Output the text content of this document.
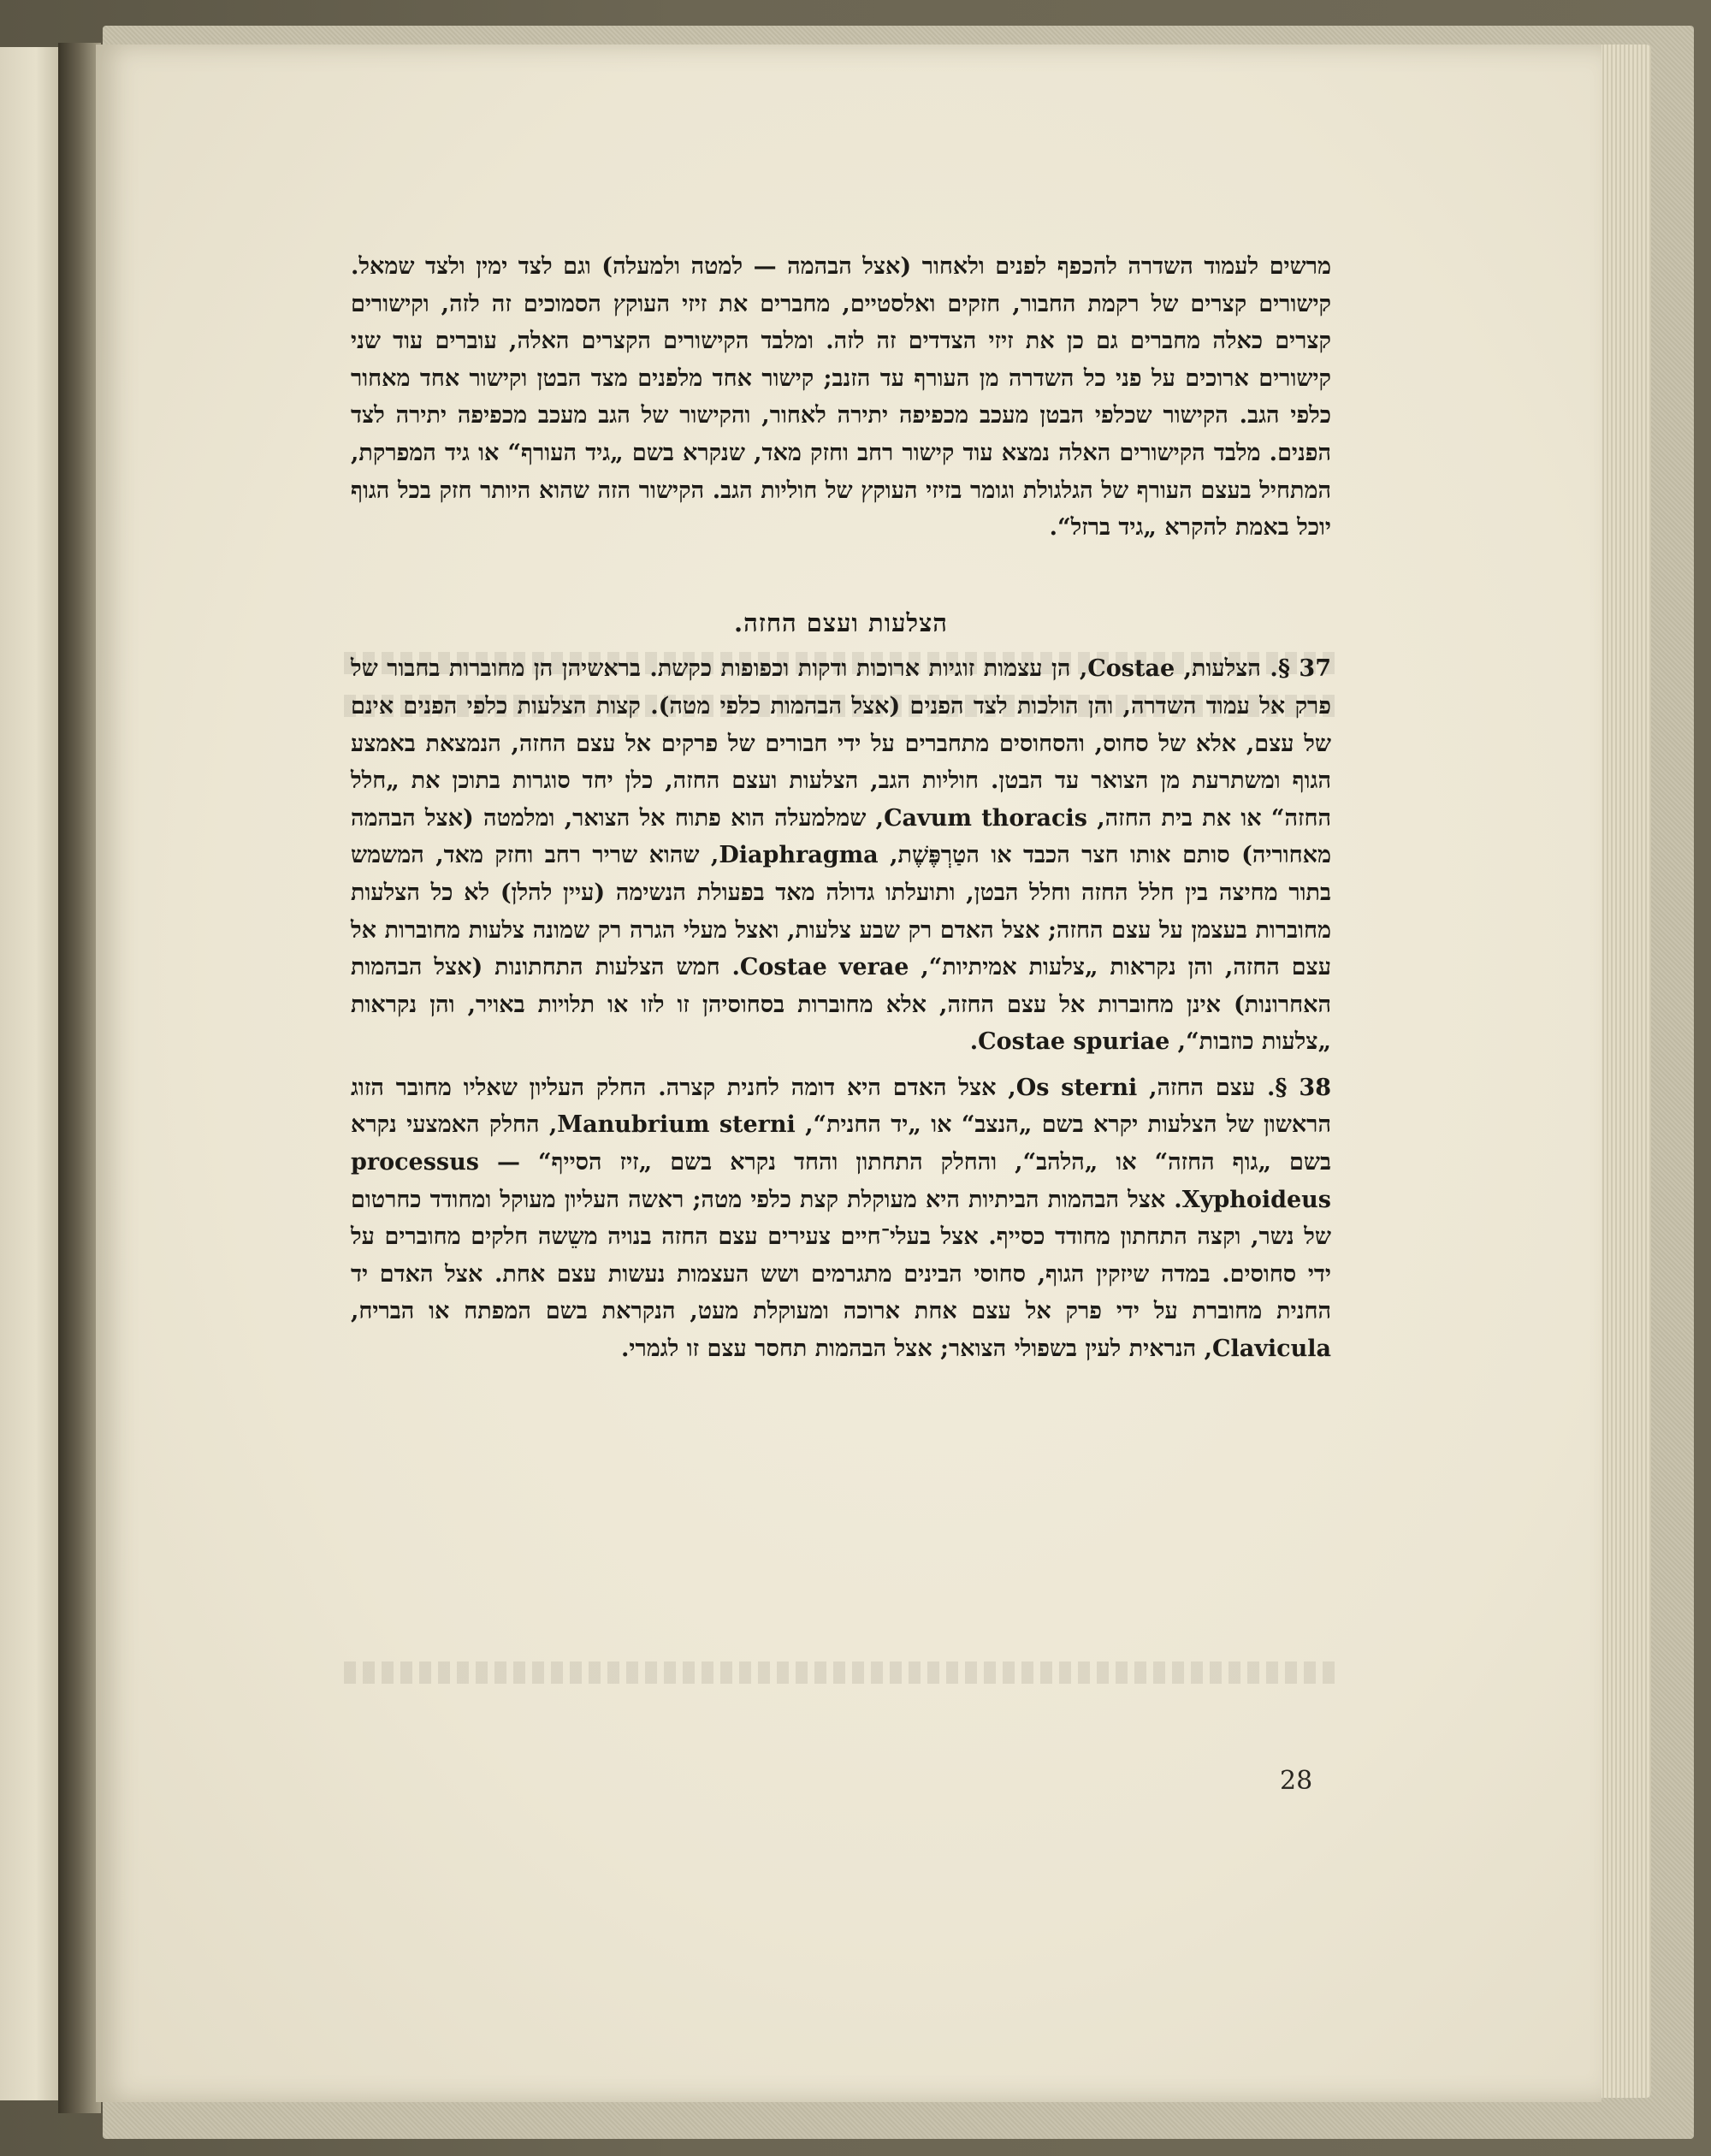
מרשים לעמוד השדרה להכפף לפנים ולאחור (אצל הבהמה — למטה ולמעלה) וגם לצד ימין ולצד שמאל. קישורים קצרים של רקמת החבור, חזקים ואלסטיים, מחברים את זיזי העוקץ הסמוכים זה לזה, וקישורים קצרים כאלה מחברים גם כן את זיזי הצדדים זה לזה. ומלבד הקישורים הקצרים האלה, עוברים עוד שני קישורים ארוכים על פני כל השדרה מן העורף עד הזנב; קישור אחד מלפנים מצד הבטן וקישור אחד מאחור כלפי הגב. הקישור שכלפי הבטן מעכב מכפיפה יתירה לאחור, והקישור של הגב מעכב מכפיפה יתירה לצד הפנים. מלבד הקישורים האלה נמצא עוד קישור רחב וחזק מאד, שנקרא בשם „גיד העורף“ או גיד המפרקת, המתחיל בעצם העורף של הגלגולת וגומר בזיזי העוקץ של חוליות הגב. הקישור הזה שהוא היותר חזק בכל הגוף יוכל באמת להקרא „גיד ברזל“.

הצלעות ועצם החזה.

37 §. הצלעות, Costae, הן עצמות זוגיות ארוכות ודקות וכפופות כקשת. בראשיהן הן מחוברות בחבור של פרק אל עמוד השדרה, והן הולכות לצד הפנים (אצל הבהמות כלפי מטה). קצות הצלעות כלפי הפנים אינם של עצם, אלא של סחוס, והסחוסים מתחברים על ידי חבורים של פרקים אל עצם החזה, הנמצאת באמצע הגוף ומשתרעת מן הצואר עד הבטן. חוליות הגב, הצלעות ועצם החזה, כלן יחד סוגרות בתוכן את „חלל החזה“ או את בית החזה, Cavum thoracis, שמלמעלה הוא פתוח אל הצואר, ומלמטה (אצל הבהמה מאחוריה) סותם אותו חצר הכבד או הטַרְפֶּשֶׁת, Diaphragma, שהוא שריר רחב וחזק מאד, המשמש בתור מחיצה בין חלל החזה וחלל הבטן, ותועלתו גדולה מאד בפעולת הנשימה (עיין להלן) לא כל הצלעות מחוברות בעצמן על עצם החזה; אצל האדם רק שבע צלעות, ואצל מעלי הגרה רק שמונה צלעות מחוברות אל עצם החזה, והן נקראות „צלעות אמיתיות“, Costae verae. חמש הצלעות התחתונות (אצל הבהמות האחרונות) אינן מחוברות אל עצם החזה, אלא מחוברות בסחוסיהן זו לזו או תלויות באויר, והן נקראות „צלעות כוזבות“, Costae spuriae.

38 §. עצם החזה, Os sterni, אצל האדם היא דומה לחנית קצרה. החלק העליון שאליו מחובר הזוג הראשון של הצלעות יקרא בשם „הנצב“ או „יד החנית“, Manubrium sterni, החלק האמצעי נקרא בשם „גוף החזה“ או „הלהב“, והחלק התחתון והחד נקרא בשם „זיז הסייף“ — processus Xyphoideus. אצל הבהמות הביתיות היא מעוקלת קצת כלפי מטה; ראשה העליון מעוקל ומחודד כחרטום של נשר, וקצה התחתון מחודד כסייף. אצל בעלי־חיים צעירים עצם החזה בנויה משֵשה חלקים מחוברים על ידי סחוסים. במדה שיזקין הגוף, סחוסי הבינים מתגרמים ושש העצמות נעשות עצם אחת. אצל האדם יד החנית מחוברת על ידי פרק אל עצם אחת ארוכה ומעוקלת מעט, הנקראת בשם המפתח או הבריח, Clavicula, הנראית לעין בשפולי הצואר; אצל הבהמות תחסר עצם זו לגמרי.

28
